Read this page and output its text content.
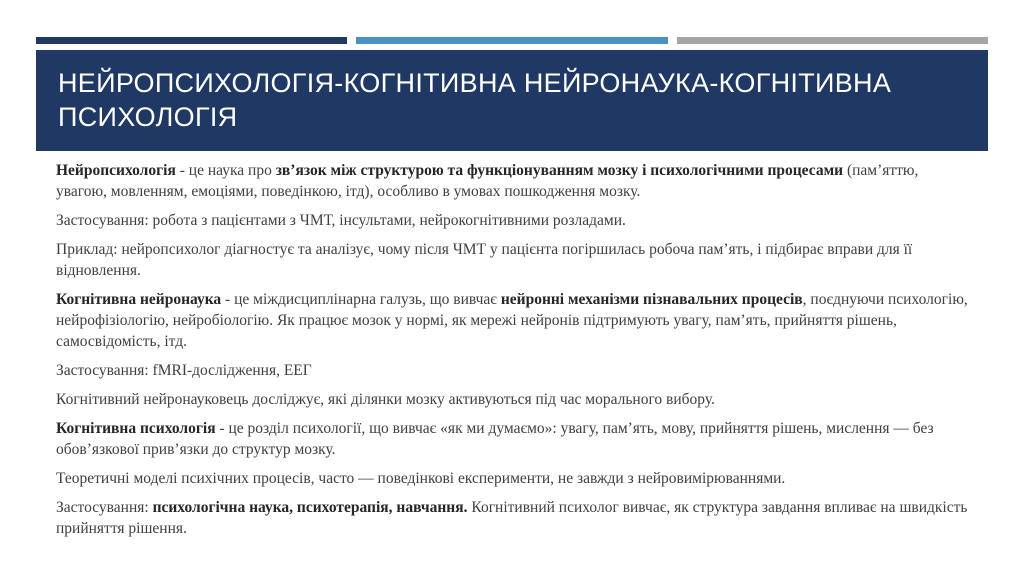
НЕЙРОПСИХОЛОГІЯ-КОГНІТИВНА НЕЙРОНАУКА-КОГНІТИВНА ПСИХОЛОГІЯ

Нейропсихологія - це наука про зв’язок між структурою та функціонуванням мозку і психологічними процесами (пам’яттю, увагою, мовленням, емоціями, поведінкою, ітд), особливо в умовах пошкодження мозку.

Застосування: робота з пацієнтами з ЧМТ, інсультами, нейрокогнітивними розладами.

Приклад: нейропсихолог діагностує та аналізує, чому після ЧМТ у пацієнта погіршилась робоча пам’ять, і підбирає вправи для її відновлення.

Когнітивна нейронаука - це міждисциплінарна галузь, що вивчає нейронні механізми пізнавальних процесів, поєднуючи психологію, нейрофізіологію, нейробіологію. Як працює мозок у нормі, як мережі нейронів підтримують увагу, пам’ять, прийняття рішень, самосвідомість, ітд.

Застосування: fMRI-дослідження, ЕЕГ

Когнітивний нейронауковець досліджує, які ділянки мозку активуються під час морального вибору.

Когнітивна психологія - це розділ психології, що вивчає «як ми думаємо»: увагу, пам’ять, мову, прийняття рішень, мислення — без обов’язкової прив’язки до структур мозку.

Теоретичні моделі психічних процесів, часто — поведінкові експерименти, не завжди з нейровимірюваннями.

Застосування: психологічна наука, психотерапія, навчання. Когнітивний психолог вивчає, як структура завдання впливає на швидкість прийняття рішення.
